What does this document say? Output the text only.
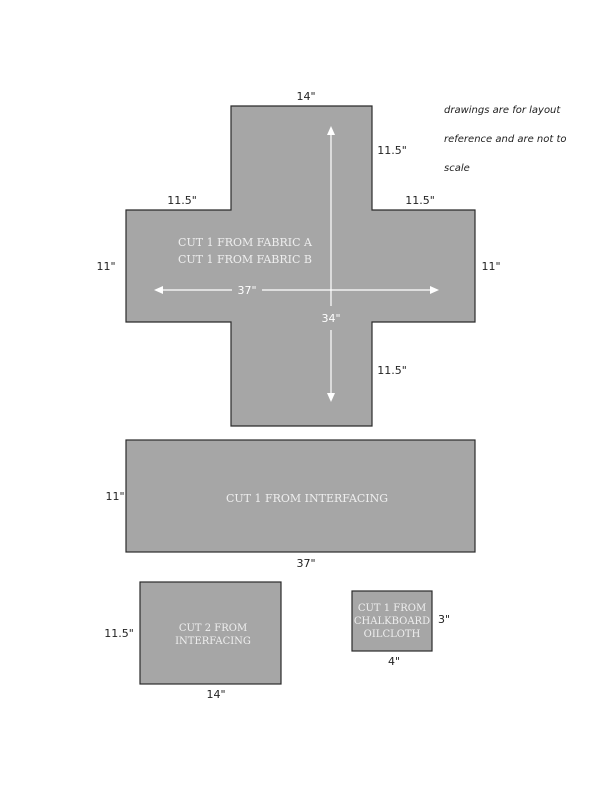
drawings are for layout
reference and are not to
scale
14"
11.5"
11.5"	11.5"
11"	11"
11.5"
CUT 1 FROM FABRIC A
CUT 1 FROM FABRIC B
37"
34"
CUT 1 FROM INTERFACING
11"
37"
CUT 2 FROM
INTERFACING
11.5"
14"
CUT 1 FROM
CHALKBOARD
OILCLOTH
3"
4"
